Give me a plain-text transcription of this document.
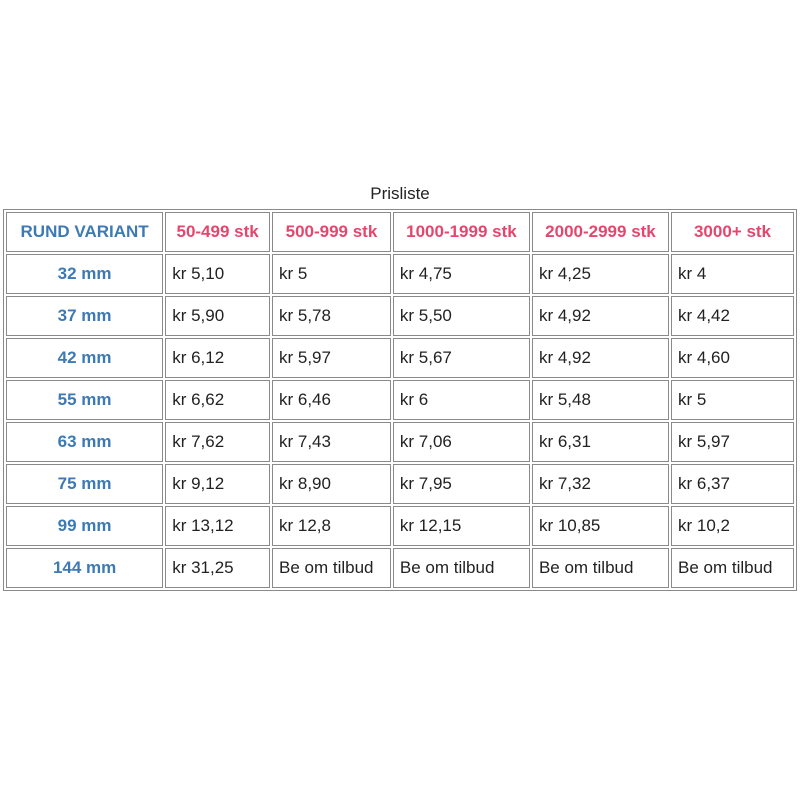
Prisliste
RUND VARIANT	50-499 stk	500-999 stk	1000-1999 stk	2000-2999 stk	3000+ stk
32 mm	kr 5,10	kr 5	kr 4,75	kr 4,25	kr 4
37 mm	kr 5,90	kr 5,78	kr 5,50	kr 4,92	kr 4,42
42 mm	kr 6,12	kr 5,97	kr 5,67	kr 4,92	kr 4,60
55 mm	kr 6,62	kr 6,46	kr 6	kr 5,48	kr 5
63 mm	kr 7,62	kr 7,43	kr 7,06	kr 6,31	kr 5,97
75 mm	kr 9,12	kr 8,90	kr 7,95	kr 7,32	kr 6,37
99 mm	kr 13,12	kr 12,8	kr 12,15	kr 10,85	kr 10,2
144 mm	kr 31,25	Be om tilbud	Be om tilbud	Be om tilbud	Be om tilbud
